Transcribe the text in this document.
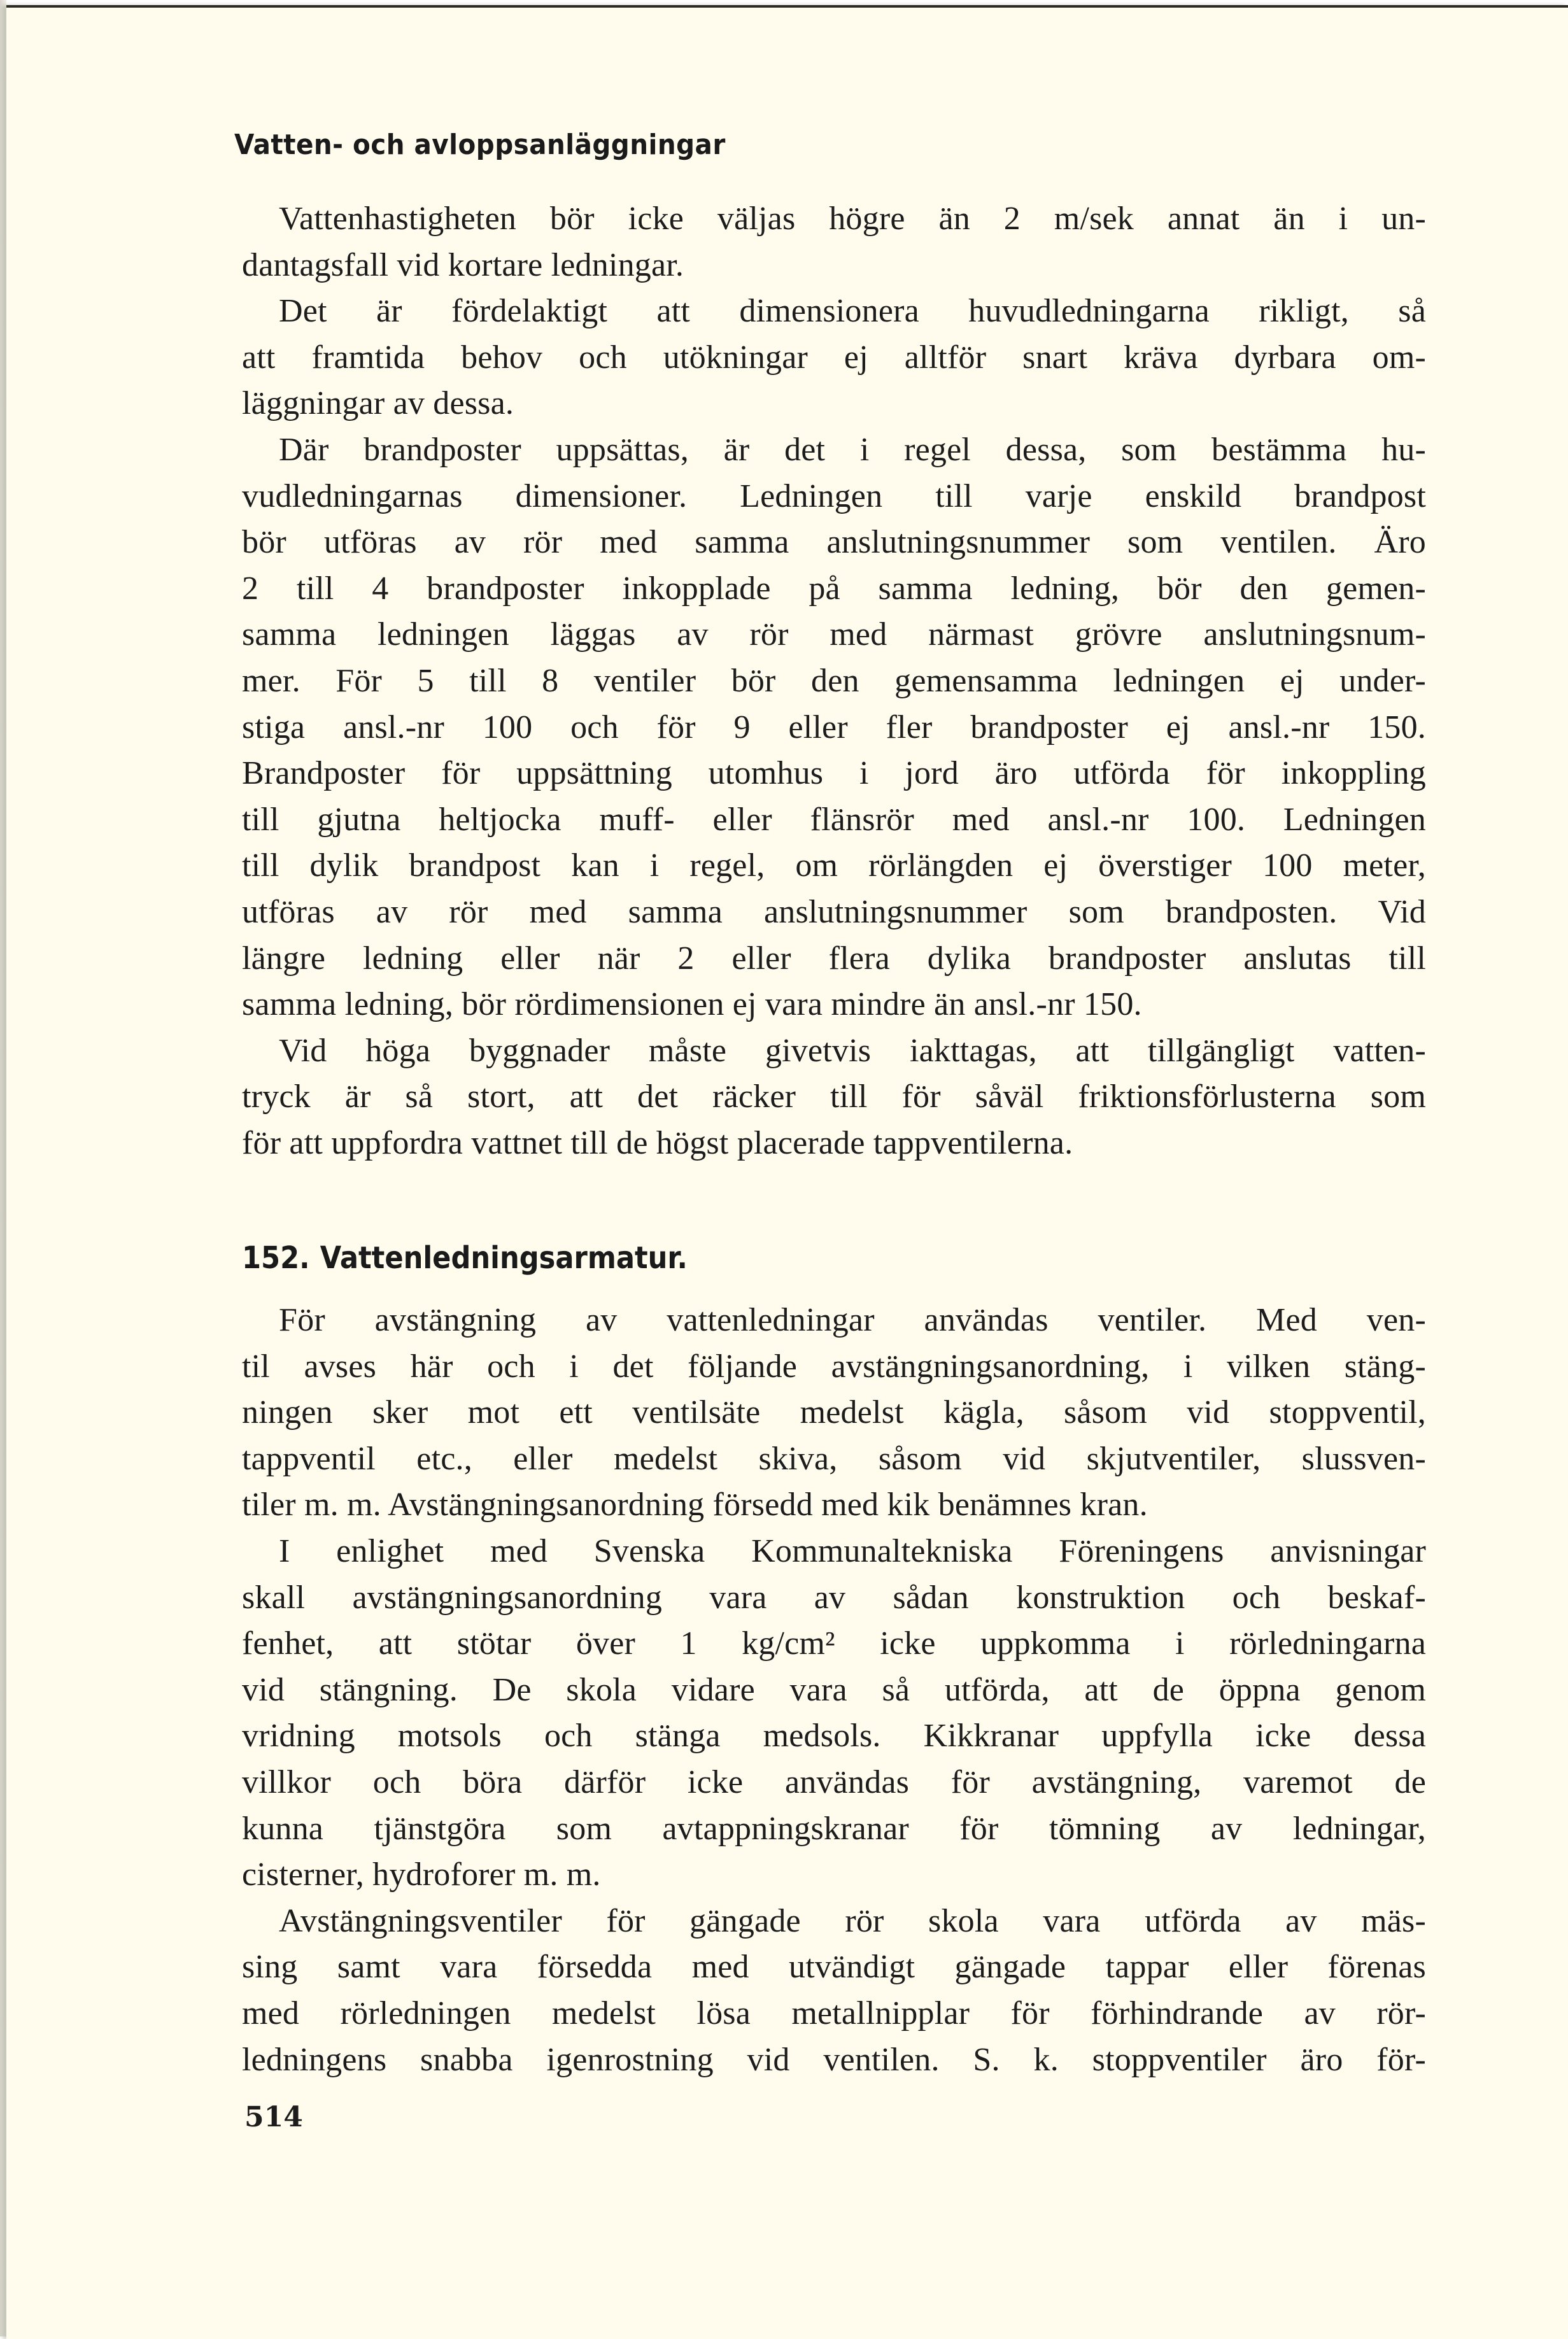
Vatten- och avloppsanläggningar
Vattenhastigheten bör icke väljas högre än 2 m/sek annat än i un-
dantagsfall vid kortare ledningar.
Det är fördelaktigt att dimensionera huvudledningarna rikligt, så
att framtida behov och utökningar ej alltför snart kräva dyrbara om-
läggningar av dessa.
Där brandposter uppsättas, är det i regel dessa, som bestämma hu-
vudledningarnas dimensioner. Ledningen till varje enskild brandpost
bör utföras av rör med samma anslutningsnummer som ventilen. Äro
2 till 4 brandposter inkopplade på samma ledning, bör den gemen-
samma ledningen läggas av rör med närmast grövre anslutningsnum-
mer. För 5 till 8 ventiler bör den gemensamma ledningen ej under-
stiga ansl.-nr 100 och för 9 eller fler brandposter ej ansl.-nr 150.
Brandposter för uppsättning utomhus i jord äro utförda för inkoppling
till gjutna heltjocka muff- eller flänsrör med ansl.-nr 100. Ledningen
till dylik brandpost kan i regel, om rörlängden ej överstiger 100 meter,
utföras av rör med samma anslutningsnummer som brandposten. Vid
längre ledning eller när 2 eller flera dylika brandposter anslutas till
samma ledning, bör rördimensionen ej vara mindre än ansl.-nr 150.
Vid höga byggnader måste givetvis iakttagas, att tillgängligt vatten-
tryck är så stort, att det räcker till för såväl friktionsförlusterna som
för att uppfordra vattnet till de högst placerade tappventilerna.
152. Vattenledningsarmatur.
För avstängning av vattenledningar användas ventiler. Med ven-
til avses här och i det följande avstängningsanordning, i vilken stäng-
ningen sker mot ett ventilsäte medelst kägla, såsom vid stoppventil,
tappventil etc., eller medelst skiva, såsom vid skjutventiler, slussven-
tiler m. m. Avstängningsanordning försedd med kik benämnes kran.
I enlighet med Svenska Kommunaltekniska Föreningens anvisningar
skall avstängningsanordning vara av sådan konstruktion och beskaf-
fenhet, att stötar över 1 kg/cm² icke uppkomma i rörledningarna
vid stängning. De skola vidare vara så utförda, att de öppna genom
vridning motsols och stänga medsols. Kikkranar uppfylla icke dessa
villkor och böra därför icke användas för avstängning, varemot de
kunna tjänstgöra som avtappningskranar för tömning av ledningar,
cisterner, hydroforer m. m.
Avstängningsventiler för gängade rör skola vara utförda av mäs-
sing samt vara försedda med utvändigt gängade tappar eller förenas
med rörledningen medelst lösa metallnipplar för förhindrande av rör-
ledningens snabba igenrostning vid ventilen. S. k. stoppventiler äro för-
514
